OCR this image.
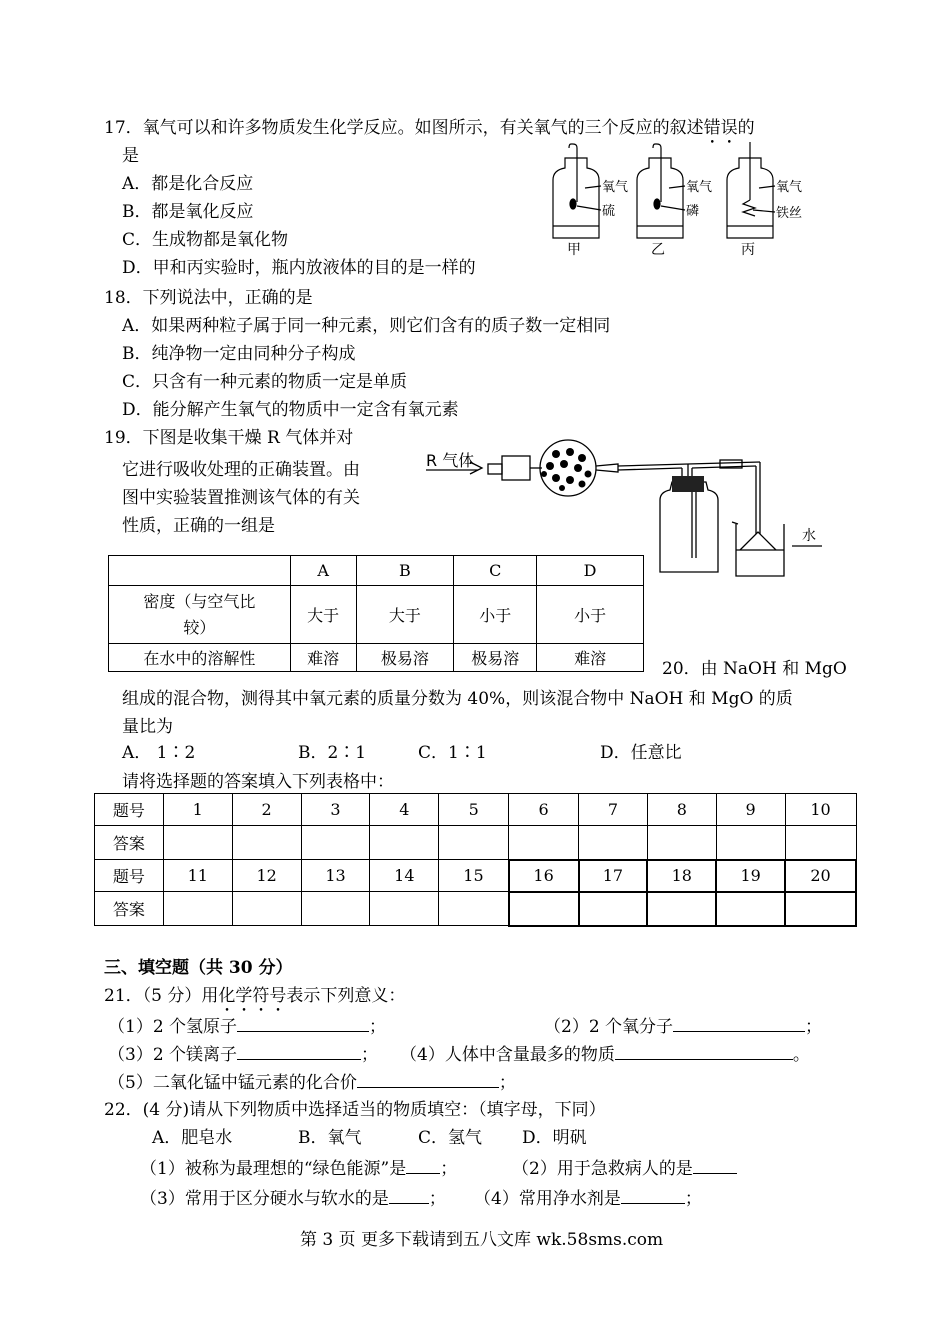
17．氧气可以和许多物质发生化学反应。如图所示，有关氧气的三个反应的叙述错误的
是
A．都是化合反应
B．都是氧化反应
C．生成物都是氧化物
D．甲和丙实验时，瓶内放液体的目的是一样的
氧气
硫
甲
氧气
磷
乙
氧气
铁丝
丙
18．下列说法中，正确的是
A．如果两种粒子属于同一种元素，则它们含有的质子数一定相同
B．纯净物一定由同种分子构成
C．只含有一种元素的物质一定是单质
D．能分解产生氧气的物质中一定含有氧元素
19．下图是收集干燥 R 气体并对
它进行吸收处理的正确装置。由
图中实验装置推测该气体的有关
性质，正确的一组是
R 气体
水
	A	B	C	D
密度（与空气比
较）	大于	大于	小于	小于
在水中的溶解性	难溶	极易溶	极易溶	难溶
20．由 NaOH 和 MgO
组成的混合物，测得其中氧元素的质量分数为 40%，则该混合物中 NaOH 和 MgO 的质
量比为
A． 1∶2	B．2∶1	C．1∶1	D．任意比
请将选择题的答案填入下列表格中：
题号	1	2	3	4	5	6	7	8	9	10
答案										
题号	11	12	13	14	15	16	17	18	19	20
答案										
三、填空题（共 30 分）
21．（5 分）用化学符号表示下列意义：
（1）2 个氢原子	；	（2）2 个氧分子	；
（3）2 个镁离子	； （4）人体中含量最多的物质	。
（5）二氧化锰中锰元素的化合价	；
22．(4 分)请从下列物质中选择适当的物质填空：（填字母，下同）
A．肥皂水	B．氧气	C．氢气 D．明矾
（1）被称为最理想的“绿色能源”是 ；	（2）用于急救病人的是
（3）常用于区分硬水与软水的是 ； （4）常用净水剂是	；
第 3 页 更多下载请到五八文库 wk.58sms.com
